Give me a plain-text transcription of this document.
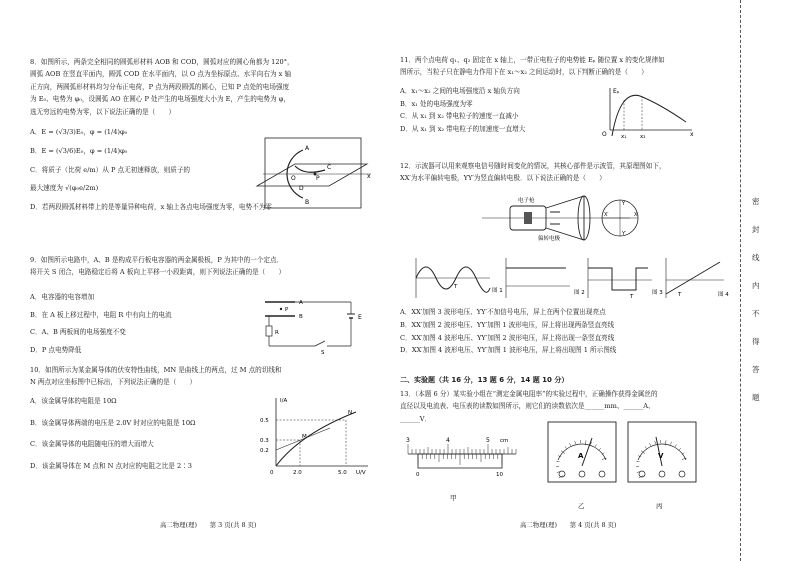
8．如图所示，两条完全相同的圆弧形材料 AOB 和 COD，圆弧对应的圆心角都为 120°，

圆弧 AOB 在竖直平面内，圆弧 COD 在水平面内，以 O 点为坐标原点、水平向右为 x 轴

正方向，两圆弧形材料均匀分布正电荷，P 点为两段圆弧的圆心，已知 P 点处的电场强度

为 E₀、电势为 φ₀，设圆弧 AO 在圆心 P 处产生的电场强度大小为 E，产生的电势为 φ，

选无穷远的电势为零，以下说法正确的是（　　）

A．E = (√3/3)E₀，φ = (1/4)φ₀

B．E = (√3/6)E₀，φ = (1/4)φ₀

C．将质子（比荷 e/m）从 P 点无初速释放，则质子的

最大速度为 √(φ₀e/2m)

D．若两段圆弧材料带上的是等量异种电荷，x 轴上各点电场强度为零，电势不为零

A
C
P
O
B
D
x

9．如图所示电路中，A、B 是构成平行板电容器的两金属极板，P 为其中的一个定点．

将开关 S 闭合，电路稳定后将 A 板向上平移一小段距离，则下列说法正确的是（　　）

A．电容器的电容增加

B．在 A 板上移过程中，电阻 R 中有向上的电流

C．A、B 两板间的电场强度不变

D．P 点电势降低

P
A
B	E
R
S

10．如图所示为某金属导体的伏安特性曲线，MN 是曲线上的两点，过 M 点的切线和

N 两点对应坐标图中已标出，下列说法正确的是（　　）

A．该金属导体的电阻是 10Ω

B．该金属导体两端的电压是 2.0V 时对应的电阻是 10Ω

C．该金属导体的电阻随电压的增大而增大

D．该金属导体在 M 点和 N 点对应的电阻之比是 2∶3

I/A
U/V
0.5
0.3
0.2
2.0	5.0
0
N
M
高二物理(理)　　第 3 页(共 8 页)

11．两个点电荷 q₁、q₂ 固定在 x 轴上，一带正电粒子的电势能 Eₚ 随位置 x 的变化规律如

图所示，当粒子只在静电力作用下在 x₁～x₂ 之间运动时，以下判断正确的是（　　）

A．x₁～x₂ 之间的电场强度沿 x 轴负方向

B．x₁ 处的电场强度为零

C．从 x₁ 到 x₂ 带电粒子的速度一直减小

D．从 x₁ 到 x₂ 带电粒子的加速度一直增大

Eₚ
O	x₁ x₂	x

12．示波器可以用来观察电信号随时间变化的情况，其核心部件是示波管，其原理图如下，

XX′为水平偏转电极，YY′为竖直偏转电极．以下说法正确的是（　　）

电子枪
偏转电极
X′	X
Y
Y′
T
图 1	图 2
T
图 3	T	图 4

A．XX′加图 3 波形电压、YY′不加信号电压，屏上在两个位置出现亮点

B．XX′加图 2 波形电压、YY′加图 1 波形电压，屏上将出现两条竖直亮线

C．XX′加图 4 波形电压、YY′加图 2 波形电压，屏上将出现一条竖直亮线

D．XX′加图 4 波形电压、YY′加图 1 波形电压，屏上将出现图 1 所示图线

二、实验题（共 16 分，13 题 6 分，14 题 10 分）

13．（本题 6 分）某实验小组在“测定金属电阻率”的实验过程中，正确操作获得金属丝的

直径以及电流表、电压表的读数如图所示，则它们的读数依次是______mm、______A、

______V．

3	4	5 cm
0	10
甲
A
乙
V
丙
高二物理(理)　　第 4 页(共 8 页)
密
封
线
内
不
得
答
题
